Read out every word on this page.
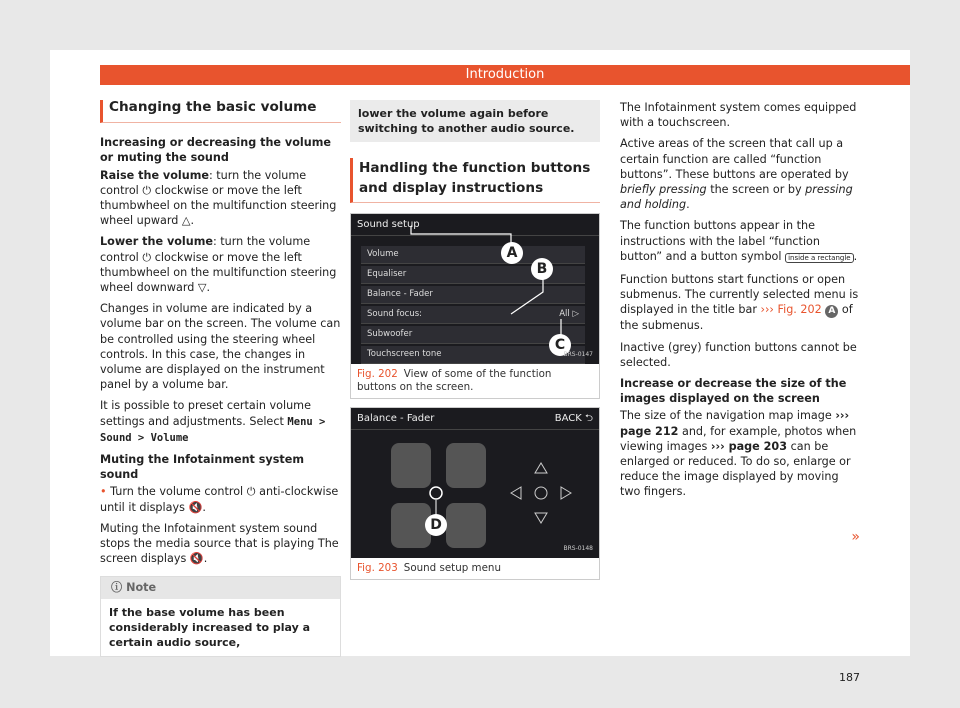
Introduction
Changing the basic volume

Increasing or decreasing the volume or muting the sound

Raise the volume: turn the volume control ⏻ clockwise or move the left thumbwheel on the multifunction steering wheel upward △.

Lower the volume: turn the volume control ⏻ clockwise or move the left thumbwheel on the multifunction steering wheel downward ▽.

Changes in volume are indicated by a volume bar on the screen. The volume can be controlled using the steering wheel controls. In this case, the changes in volume are displayed on the instrument panel by a volume bar.

It is possible to preset certain volume settings and adjustments. Select Menu > Sound > Volume

Muting the Infotainment system sound

• Turn the volume control ⏻ anti-clockwise until it displays 🔇.

Muting the Infotainment system sound stops the media source that is playing The screen displays 🔇.

ⓘ Note
If the base volume has been considerably increased to play a certain audio source,
lower the volume again before switching to another audio source.
Handling the function buttons and display instructions
Sound setup
Volume
Equaliser
Balance - Fader
Sound focus:	All ▷
Subwoofer
Touchscreen tone
A
B
C
BRS-0147
Fig. 202 View of some of the function buttons on the screen.
Balance - Fader	BACK ⮌
D
BRS-0148
Fig. 203 Sound setup menu

The Infotainment system comes equipped with a touchscreen.

Active areas of the screen that call up a certain function are called “function buttons”. These buttons are operated by briefly pressing the screen or by pressing and holding.

The function buttons appear in the instructions with the label “function button” and a button symbol inside a rectangle .

Function buttons start functions or open submenus. The currently selected menu is displayed in the title bar ››› Fig. 202 A of the submenus.

Inactive (grey) function buttons cannot be selected.

Increase or decrease the size of the images displayed on the screen

The size of the navigation map image ››› page 212 and, for example, photos when viewing images ››› page 203 can be enlarged or reduced. To do so, enlarge or reduce the image displayed by moving two fingers.

»
187
